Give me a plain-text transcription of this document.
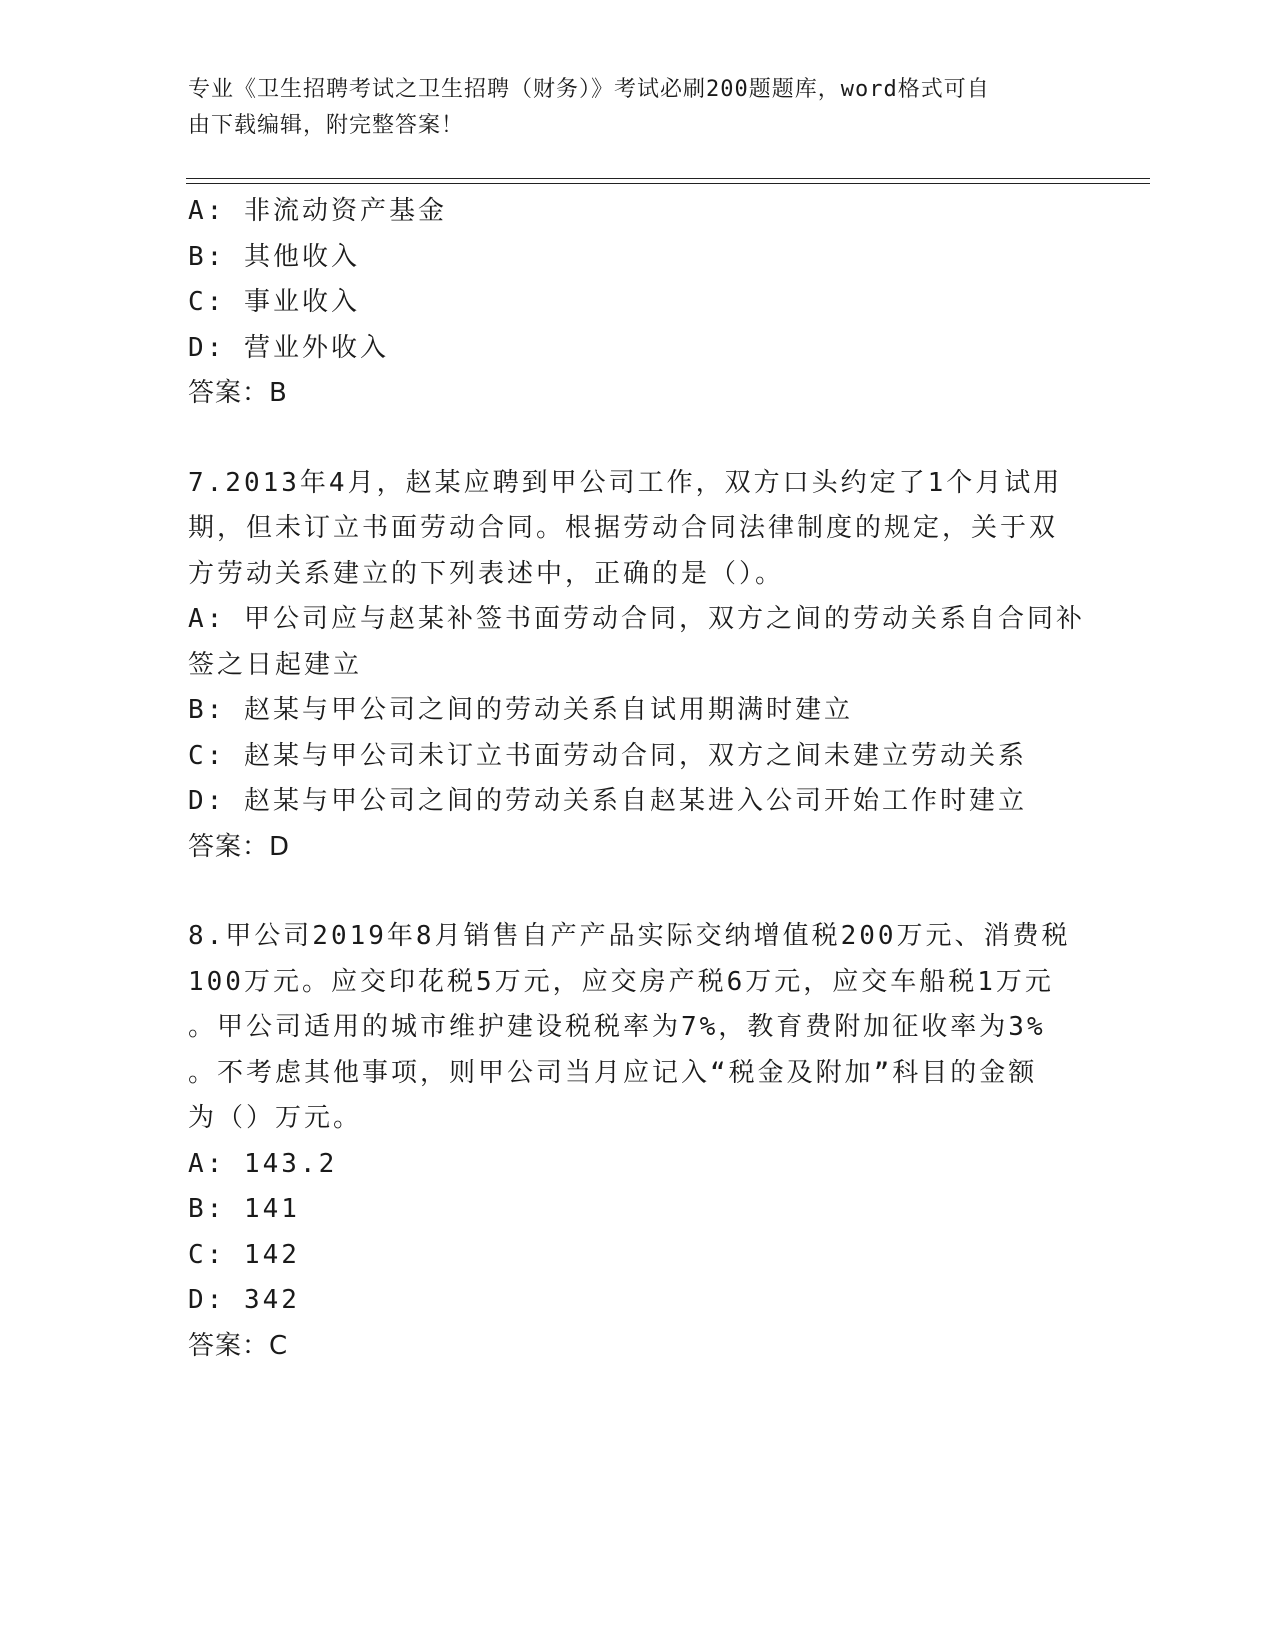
专业《卫生招聘考试之卫生招聘（财务）》考试必刷200题题库，word格式可自
由下载编辑，附完整答案！
A: 非流动资产基金
B: 其他收入
C: 事业收入
D: 营业外收入
答案：B
7.2013年4月，赵某应聘到甲公司工作，双方口头约定了1个月试用
期，但未订立书面劳动合同。根据劳动合同法律制度的规定，关于双
方劳动关系建立的下列表述中，正确的是（）。
A: 甲公司应与赵某补签书面劳动合同，双方之间的劳动关系自合同补
签之日起建立
B: 赵某与甲公司之间的劳动关系自试用期满时建立
C: 赵某与甲公司未订立书面劳动合同，双方之间未建立劳动关系
D: 赵某与甲公司之间的劳动关系自赵某进入公司开始工作时建立
答案：D
8.甲公司2019年8月销售自产产品实际交纳增值税200万元、消费税
100万元。应交印花税5万元，应交房产税6万元，应交车船税1万元
。甲公司适用的城市维护建设税税率为7%，教育费附加征收率为3%
。不考虑其他事项，则甲公司当月应记入“税金及附加”科目的金额
为（）万元。
A: 143.2
B: 141
C: 142
D: 342
答案：C
